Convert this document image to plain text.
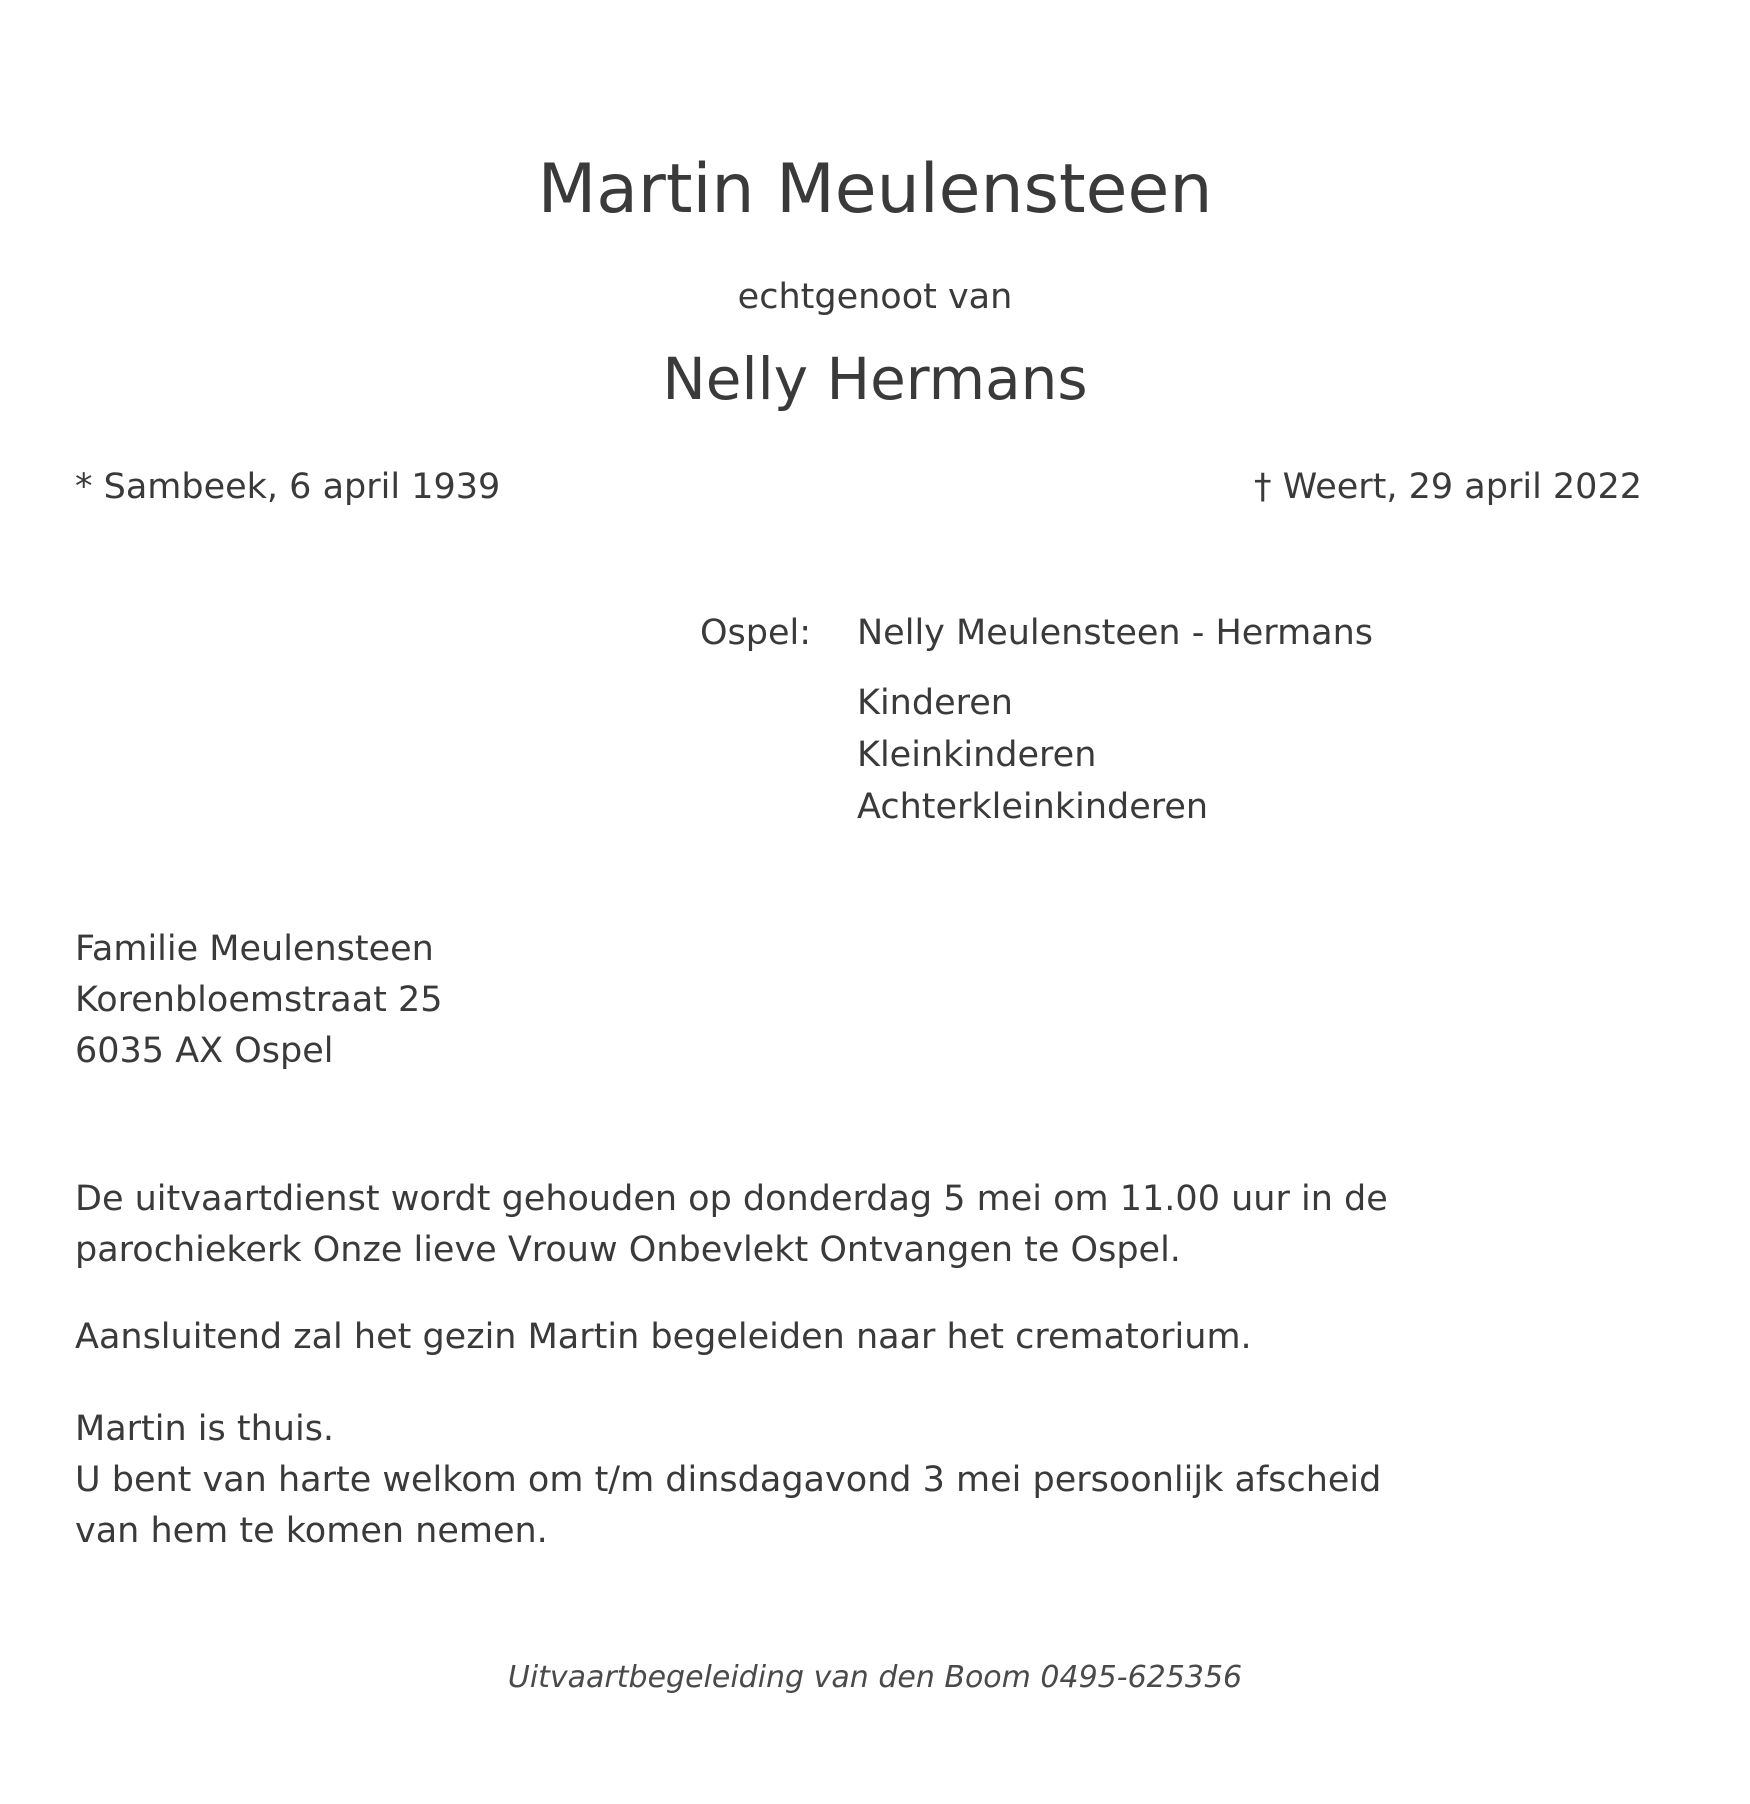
Martin Meulensteen
echtgenoot van
Nelly Hermans
* Sambeek, 6 april 1939	† Weert, 29 april 2022
Ospel: Nelly Meulensteen - Hermans
Kinderen
Kleinkinderen
Achterkleinkinderen
Familie Meulensteen
Korenbloemstraat 25
6035 AX Ospel

De uitvaartdienst wordt gehouden op donderdag 5 mei om 11.00 uur in de
parochiekerk Onze lieve Vrouw Onbevlekt Ontvangen te Ospel.

Aansluitend zal het gezin Martin begeleiden naar het crematorium.

Martin is thuis.
U bent van harte welkom om t/m dinsdagavond 3 mei persoonlijk afscheid
van hem te komen nemen.

Uitvaartbegeleiding van den Boom 0495-625356
